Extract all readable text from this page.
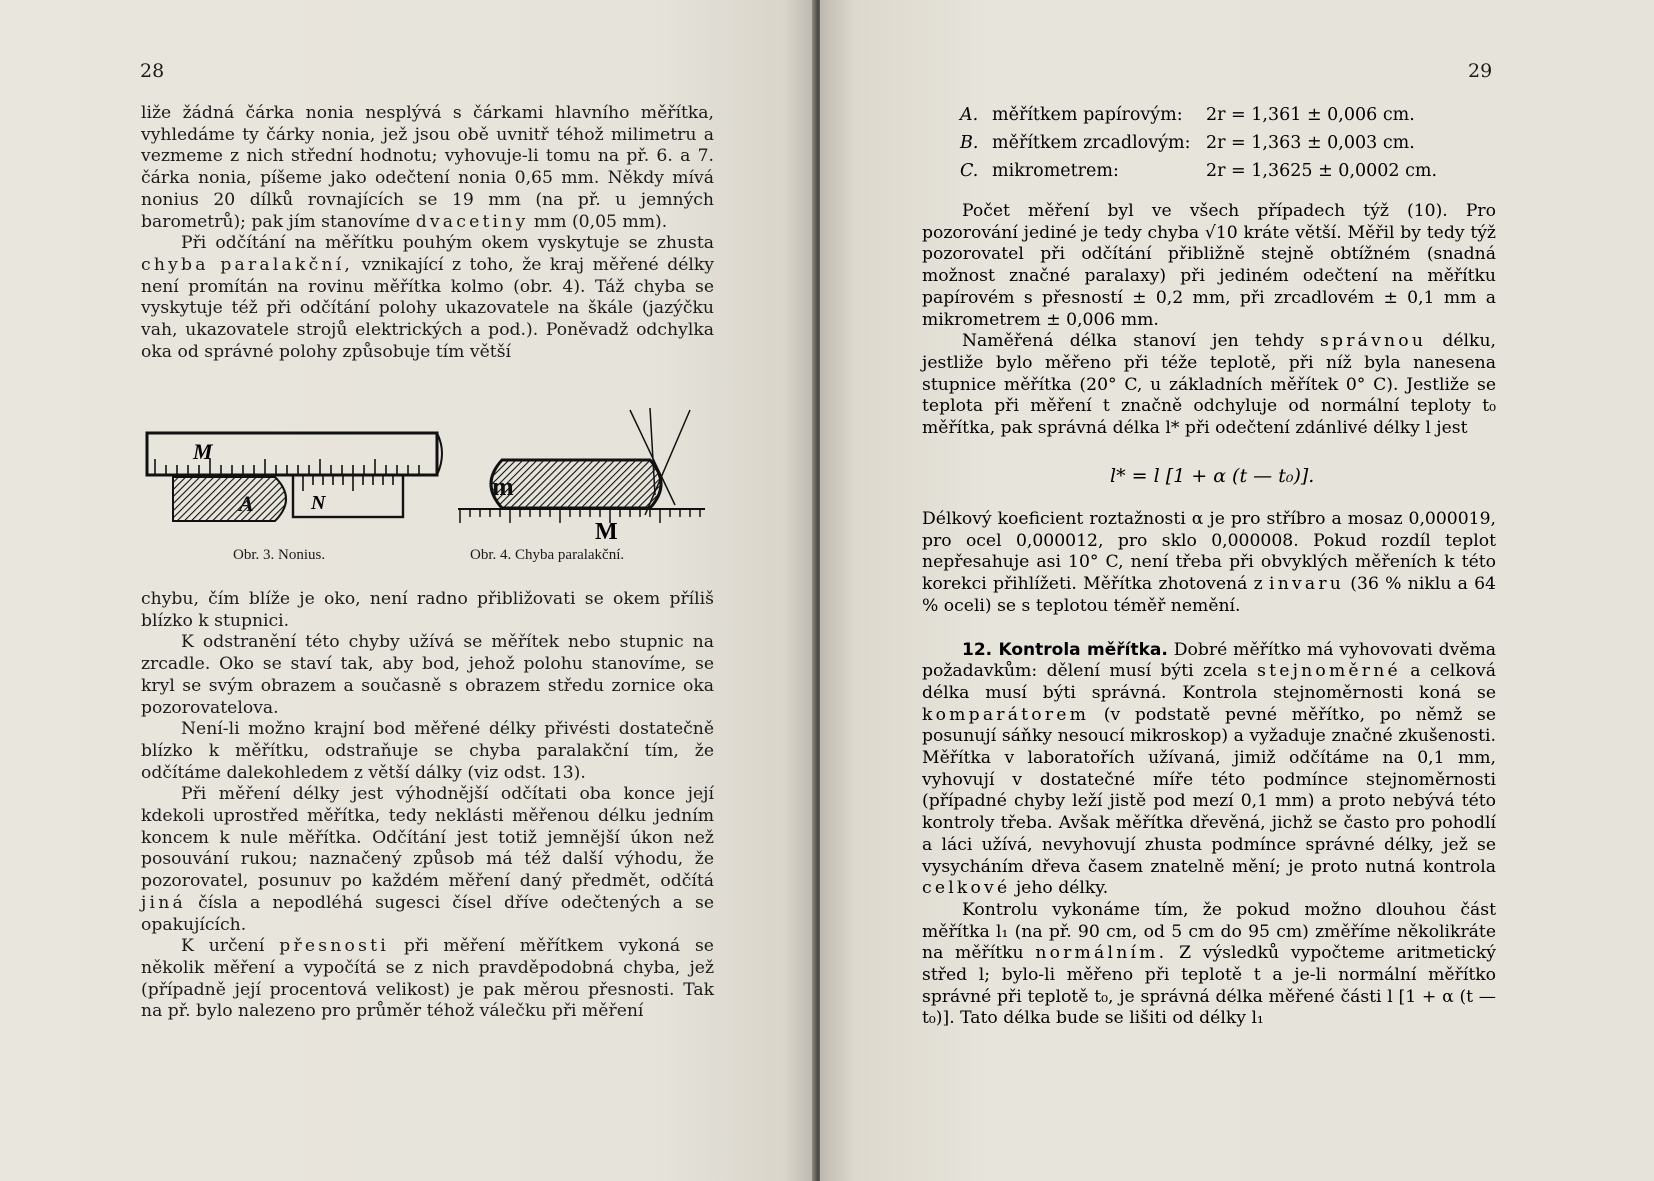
28

liže žádná čárka nonia nesplývá s čárkami hlavního měřítka, vyhledáme ty čárky nonia, jež jsou obě uvnitř téhož milimetru a vezmeme z nich střední hodnotu; vyhovuje-li tomu na př. 6. a 7. čárka nonia, píšeme jako odečtení nonia 0,65 mm. Někdy mívá nonius 20 dílků rovnajících se 19 mm (na př. u jemných barometrů); pak jím stanovíme dvacetiny mm (0,05 mm).

Při odčítání na měřítku pouhým okem vyskytuje se zhusta chyba paralakční, vznikající z toho, že kraj měřené délky není promítán na rovinu měřítka kolmo (obr. 4). Táž chyba se vyskytuje též při odčítání polohy ukazovatele na škále (jazýčku vah, ukazovatele strojů elektrických a pod.). Poněvadž odchylka oka od správné polohy způsobuje tím větší

M
N
A
m
M
Obr. 3. Nonius.	Obr. 4. Chyba paralakční.

chybu, čím blíže je oko, není radno přibližovati se okem příliš blízko k stupnici.

K odstranění této chyby užívá se měřítek nebo stupnic na zrcadle. Oko se staví tak, aby bod, jehož polohu stanovíme, se kryl se svým obrazem a současně s obrazem středu zornice oka pozorovatelova.

Není-li možno krajní bod měřené délky přivésti dostatečně blízko k měřítku, odstraňuje se chyba paralakční tím, že odčítáme dalekohledem z větší dálky (viz odst. 13).

Při měření délky jest výhodnější odčítati oba konce její kdekoli uprostřed měřítka, tedy neklásti měřenou délku jedním koncem k nule měřítka. Odčítání jest totiž jemnější úkon než posouvání rukou; naznačený způsob má též další výhodu, že pozorovatel, posunuv po každém měření daný předmět, odčítá jiná čísla a nepodléhá sugesci čísel dříve odečtených a se opakujících.

K určení přesnosti při měření měřítkem vykoná se několik měření a vypočítá se z nich pravděpodobná chyba, jež (případně její procentová velikost) je pak měrou přesnosti. Tak na př. bylo nalezeno pro průměr téhož válečku při měření

29
A. měřítkem papírovým: 2r = 1,361 ± 0,006 cm.
B. měřítkem zrcadlovým: 2r = 1,363 ± 0,003 cm.
C. mikrometrem:	2r = 1,3625 ± 0,0002 cm.

Počet měření byl ve všech případech týž (10). Pro pozorování jediné je tedy chyba √10 kráte větší. Měřil by tedy týž pozorovatel při odčítání přibližně stejně obtížném (snadná možnost značné paralaxy) při jediném odečtení na měřítku papírovém s přesností ± 0,2 mm, při zrcadlovém ± 0,1 mm a mikrometrem ± 0,006 mm.

Naměřená délka stanoví jen tehdy správnou délku, jestliže bylo měřeno při téže teplotě, při níž byla nanesena stupnice měřítka (20° C, u základních měřítek 0° C). Jestliže se teplota při měření t značně odchyluje od normální teploty t₀ měřítka, pak správná délka l* při odečtení zdánlivé délky l jest

l* = l [1 + α (t — t₀)].

Délkový koeficient roztažnosti α je pro stříbro a mosaz 0,000019, pro ocel 0,000012, pro sklo 0,000008. Pokud rozdíl teplot nepřesahuje asi 10° C, není třeba při obvyklých měřeních k této korekci přihlížeti. Měřítka zhotovená z invaru (36 % niklu a 64 % oceli) se s teplotou téměř nemění.

12. Kontrola měřítka. Dobré měřítko má vyhovovati dvěma požadavkům: dělení musí býti zcela stejnoměrné a celková délka musí býti správná. Kontrola stejnoměrnosti koná se komparátorem (v podstatě pevné měřítko, po němž se posunují sáňky nesoucí mikroskop) a vyžaduje značné zkušenosti. Měřítka v laboratořích užívaná, jimiž odčítáme na 0,1 mm, vyhovují v dostatečné míře této podmínce stejnoměrnosti (případné chyby leží jistě pod mezí 0,1 mm) a proto nebývá této kontroly třeba. Avšak měřítka dřevěná, jichž se často pro pohodlí a láci užívá, nevyhovují zhusta podmínce správné délky, jež se vysycháním dřeva časem znatelně mění; je proto nutná kontrola celkové jeho délky.

Kontrolu vykonáme tím, že pokud možno dlouhou část měřítka l₁ (na př. 90 cm, od 5 cm do 95 cm) změříme několikráte na měřítku normálním. Z výsledků vypočteme aritmetický střed l; bylo-li měřeno při teplotě t a je-li normální měřítko správné při teplotě t₀, je správná délka měřené části l [1 + α (t — t₀)]. Tato délka bude se lišiti od délky l₁
